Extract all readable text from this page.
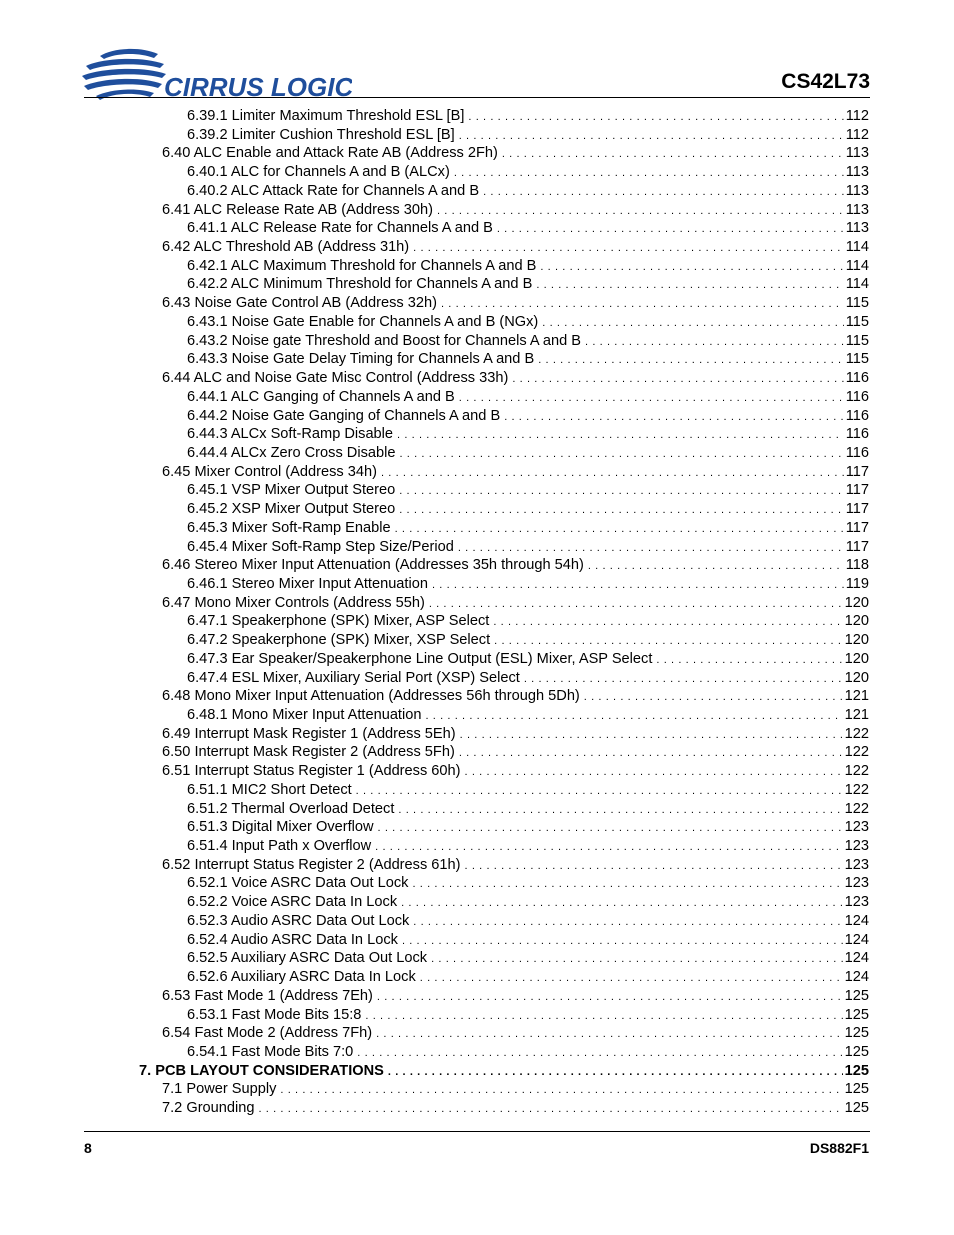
CIRRUS LOGIC	CS42L73
6.39.1 Limiter Maximum Threshold ESL [B] . . .	112
6.39.2 Limiter Cushion Threshold ESL [B] . . .	112
6.40 ALC Enable and Attack Rate AB (Address 2Fh) . . .	113
6.40.1 ALC for Channels A and B (ALCx) . . .	113
6.40.2 ALC Attack Rate for Channels A and B . . .	113
6.41 ALC Release Rate AB (Address 30h) . . .	113
6.41.1 ALC Release Rate for Channels A and B . . .	113
6.42 ALC Threshold AB (Address 31h) . . .	114
6.42.1 ALC Maximum Threshold for Channels A and B . . .	114
6.42.2 ALC Minimum Threshold for Channels A and B . . .	114
6.43 Noise Gate Control AB (Address 32h) . . .	115
6.43.1 Noise Gate Enable for Channels A and B (NGx) . . .	115
6.43.2 Noise gate Threshold and Boost for Channels A and B . . .	115
6.43.3 Noise Gate Delay Timing for Channels A and B . . .	115
6.44 ALC and Noise Gate Misc Control (Address 33h) . . .	116
6.44.1 ALC Ganging of Channels A and B . . .	116
6.44.2 Noise Gate Ganging of Channels A and B . . .	116
6.44.3 ALCx Soft-Ramp Disable . . .	116
6.44.4 ALCx Zero Cross Disable . . .	116
6.45 Mixer Control (Address 34h) . . .	117
6.45.1 VSP Mixer Output Stereo . . .	117
6.45.2 XSP Mixer Output Stereo . . .	117
6.45.3 Mixer Soft-Ramp Enable . . .	117
6.45.4 Mixer Soft-Ramp Step Size/Period . . .	117
6.46 Stereo Mixer Input Attenuation (Addresses 35h through 54h) . . .	118
6.46.1 Stereo Mixer Input Attenuation . . .	119
6.47 Mono Mixer Controls (Address 55h) . . .	120
6.47.1 Speakerphone (SPK) Mixer, ASP Select . . .	120
6.47.2 Speakerphone (SPK) Mixer, XSP Select . . .	120
6.47.3 Ear Speaker/Speakerphone Line Output (ESL) Mixer, ASP Select . . .	120
6.47.4 ESL Mixer, Auxiliary Serial Port (XSP) Select . . .	120
6.48 Mono Mixer Input Attenuation (Addresses 56h through 5Dh) . . .	121
6.48.1 Mono Mixer Input Attenuation . . .	121
6.49 Interrupt Mask Register 1 (Address 5Eh) . . .	122
6.50 Interrupt Mask Register 2 (Address 5Fh) . . .	122
6.51 Interrupt Status Register 1 (Address 60h) . . .	122
6.51.1 MIC2 Short Detect . . .	122
6.51.2 Thermal Overload Detect . . .	122
6.51.3 Digital Mixer Overflow . . .	123
6.51.4 Input Path x Overflow . . .	123
6.52 Interrupt Status Register 2 (Address 61h) . . .	123
6.52.1 Voice ASRC Data Out Lock . . .	123
6.52.2 Voice ASRC Data In Lock . . .	123
6.52.3 Audio ASRC Data Out Lock . . .	124
6.52.4 Audio ASRC Data In Lock . . .	124
6.52.5 Auxiliary ASRC Data Out Lock . . .	124
6.52.6 Auxiliary ASRC Data In Lock . . .	124
6.53 Fast Mode 1 (Address 7Eh) . . .	125
6.53.1 Fast Mode Bits 15:8 . . .	125
6.54 Fast Mode 2 (Address 7Fh) . . .	125
6.54.1 Fast Mode Bits 7:0 . . .	125
7. PCB LAYOUT CONSIDERATIONS . . .	125
7.1 Power Supply . . .	125
7.2 Grounding . . .	125
8	DS882F1
